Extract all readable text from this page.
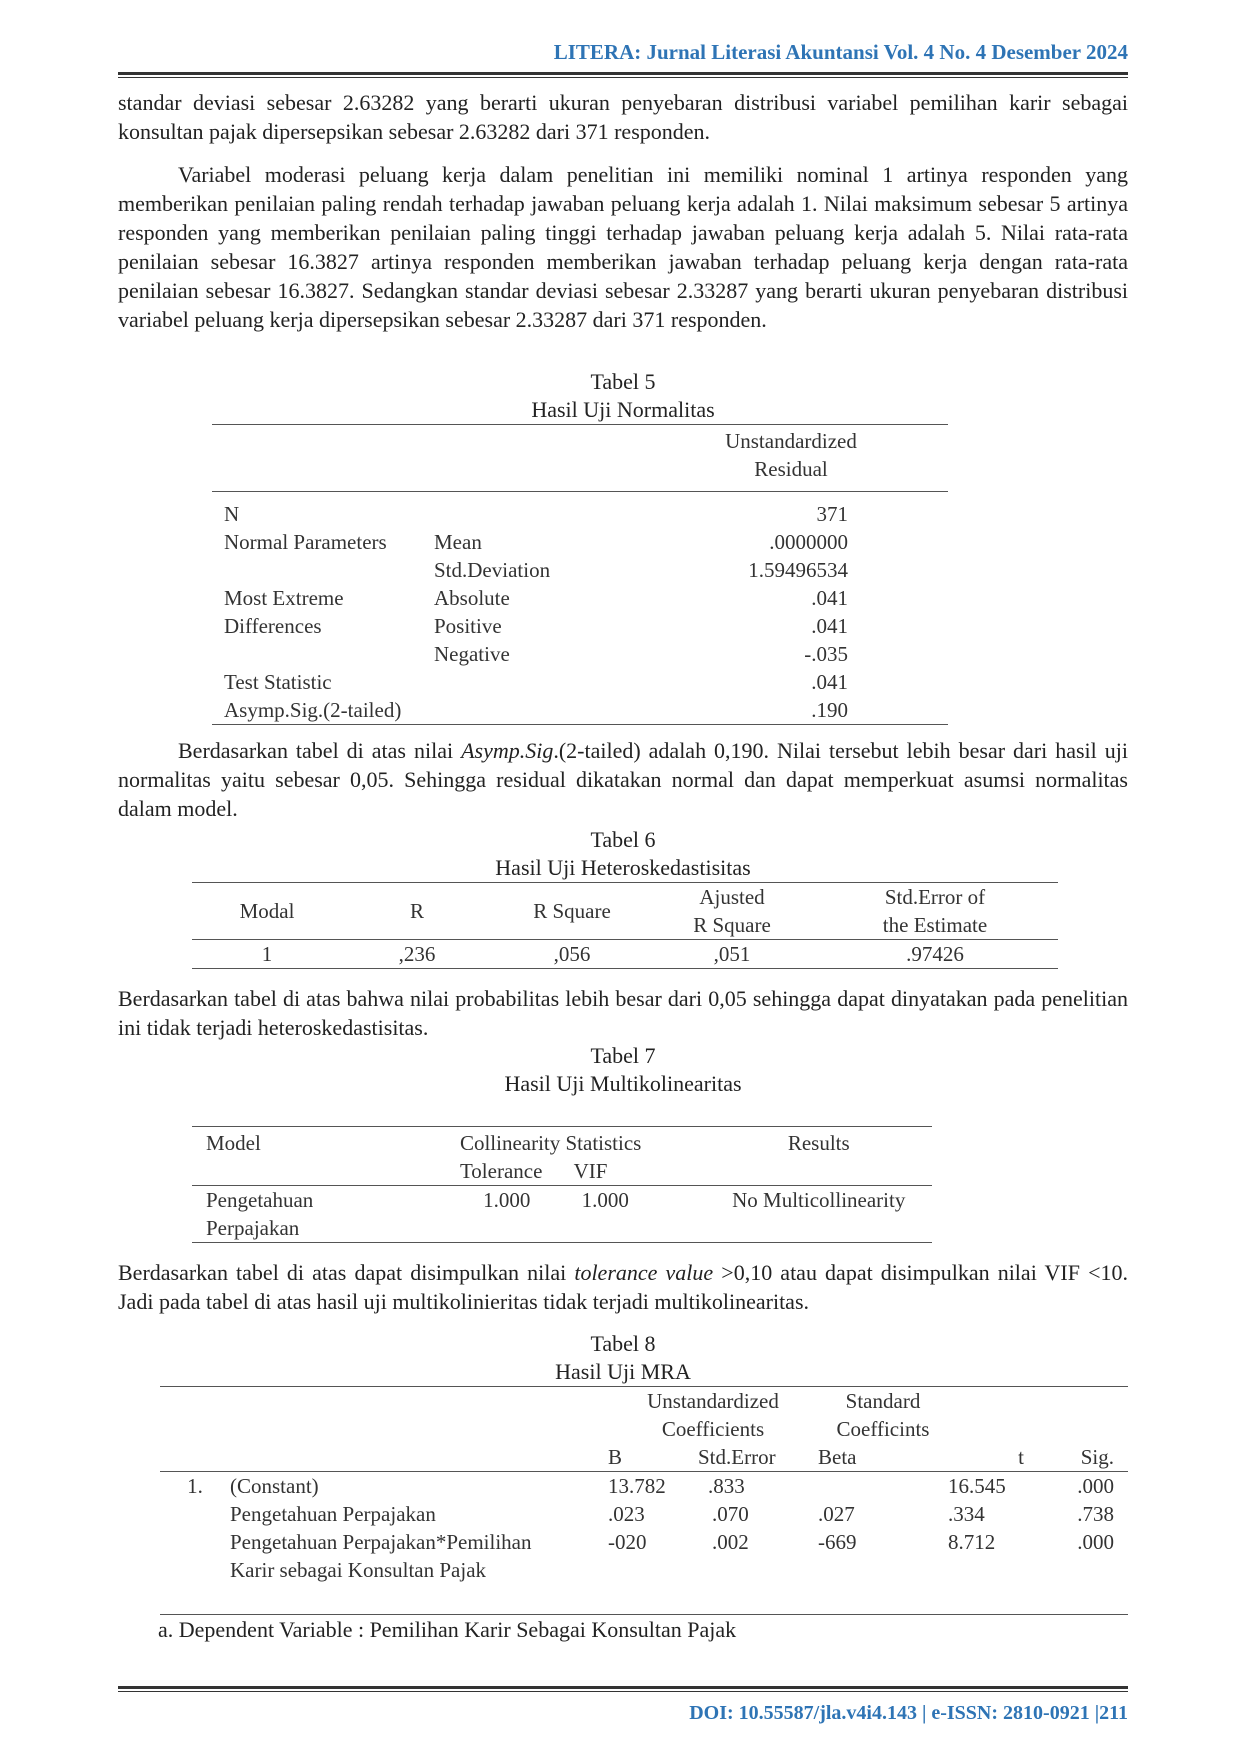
LITERA: Jurnal Literasi Akuntansi Vol. 4 No. 4 Desember 2024

standar deviasi sebesar 2.63282 yang berarti ukuran penyebaran distribusi variabel pemilihan karir sebagai konsultan pajak dipersepsikan sebesar 2.63282 dari 371 responden.

Variabel moderasi peluang kerja dalam penelitian ini memiliki nominal 1 artinya responden yang memberikan penilaian paling rendah terhadap jawaban peluang kerja adalah 1. Nilai maksimum sebesar 5 artinya responden yang memberikan penilaian paling tinggi terhadap jawaban peluang kerja adalah 5. Nilai rata-rata penilaian sebesar 16.3827 artinya responden memberikan jawaban terhadap peluang kerja dengan rata-rata penilaian sebesar 16.3827. Sedangkan standar deviasi sebesar 2.33287 yang berarti ukuran penyebaran distribusi variabel peluang kerja dipersepsikan sebesar 2.33287 dari 371 responden.

Tabel 5
Hasil Uji Normalitas
		Unstandardized
		Residual
N		371
Normal Parameters	Mean	.0000000
	Std.Deviation	1.59496534
Most Extreme	Absolute	.041
Differences	Positive	.041
	Negative	-.035
Test Statistic		.041
Asymp.Sig.(2-tailed)		.190

Berdasarkan tabel di atas nilai Asymp.Sig.(2-tailed) adalah 0,190. Nilai tersebut lebih besar dari hasil uji normalitas yaitu sebesar 0,05. Sehingga residual dikatakan normal dan dapat memperkuat asumsi normalitas dalam model.

Tabel 6
Hasil Uji Heteroskedastisitas
Modal	R	R Square	Ajusted	Std.Error of
			R Square	the Estimate
1	,236	,056	,051	.97426

Berdasarkan tabel di atas bahwa nilai probabilitas lebih besar dari 0,05 sehingga dapat dinyatakan pada penelitian ini tidak terjadi heteroskedastisitas.

Tabel 7
Hasil Uji Multikolinearitas
Model	Collinearity Statistics		Results
	Tolerance	VIF	
Pengetahuan	1.000	1.000	No Multicollinearity
Perpajakan			

Berdasarkan tabel di atas dapat disimpulkan nilai tolerance value >0,10 atau dapat disimpulkan nilai VIF <10. Jadi pada tabel di atas hasil uji multikolinieritas tidak terjadi multikolinearitas.

Tabel 8
Hasil Uji MRA
		Unstandardized		Standard		
		Coefficients		Coefficints		
		B	Std.Error	Beta	t	Sig.
1.	(Constant)	13.782	.833		16.545	.000
	Pengetahuan Perpajakan	.023	.070	.027	.334	.738
	Pengetahuan Perpajakan*Pemilihan	-020	.002	-669	8.712	.000
	Karir sebagai Konsultan Pajak					

a. Dependent Variable : Pemilihan Karir Sebagai Konsultan Pajak
DOI: 10.55587/jla.v4i4.143 | e-ISSN: 2810-0921 |211
